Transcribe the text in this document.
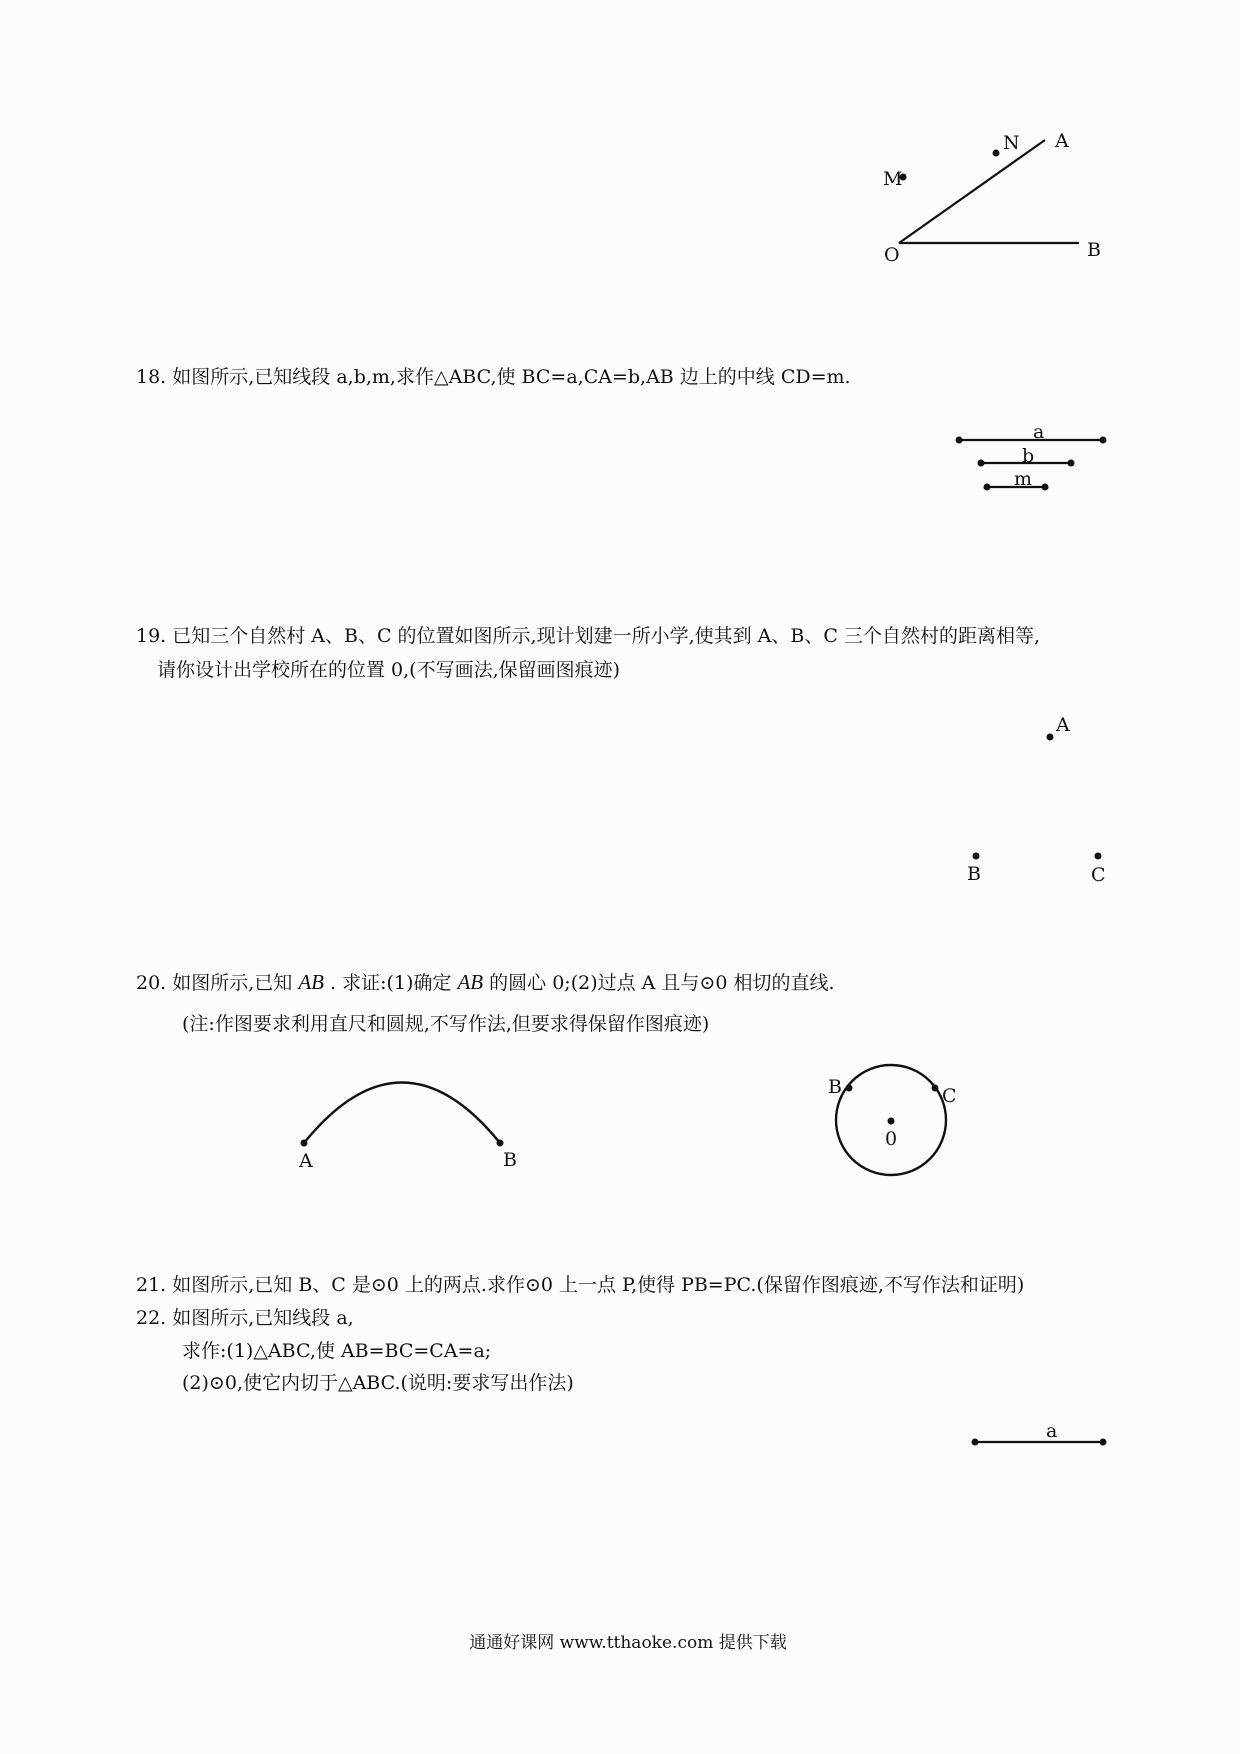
18. 如图所示,已知线段 a,b,m,求作△ABC,使 BC=a,CA=b,AB 边上的中线 CD=m.
19. 已知三个自然村 A、B、C 的位置如图所示,现计划建一所小学,使其到 A、B、C 三个自然村的距离相等,
请你设计出学校所在的位置 0,(不写画法,保留画图痕迹)
20. 如图所示,已知 AB . 求证:(1)确定 AB 的圆心 0;(2)过点 A 且与⊙0 相切的直线.
(注:作图要求利用直尺和圆规,不写作法,但要求得保留作图痕迹)
21. 如图所示,已知 B、C 是⊙0 上的两点.求作⊙0 上一点 P,使得 PB=PC.(保留作图痕迹,不写作法和证明)
22. 如图所示,已知线段 a,
求作:(1)△ABC,使 AB=BC=CA=a;
(2)⊙0,使它内切于△ABC.(说明:要求写出作法)
N
M
A
O	B
a
b
m
A
B	C
A	B
B	C
0
a
通通好课网 www.tthaoke.com 提供下载
